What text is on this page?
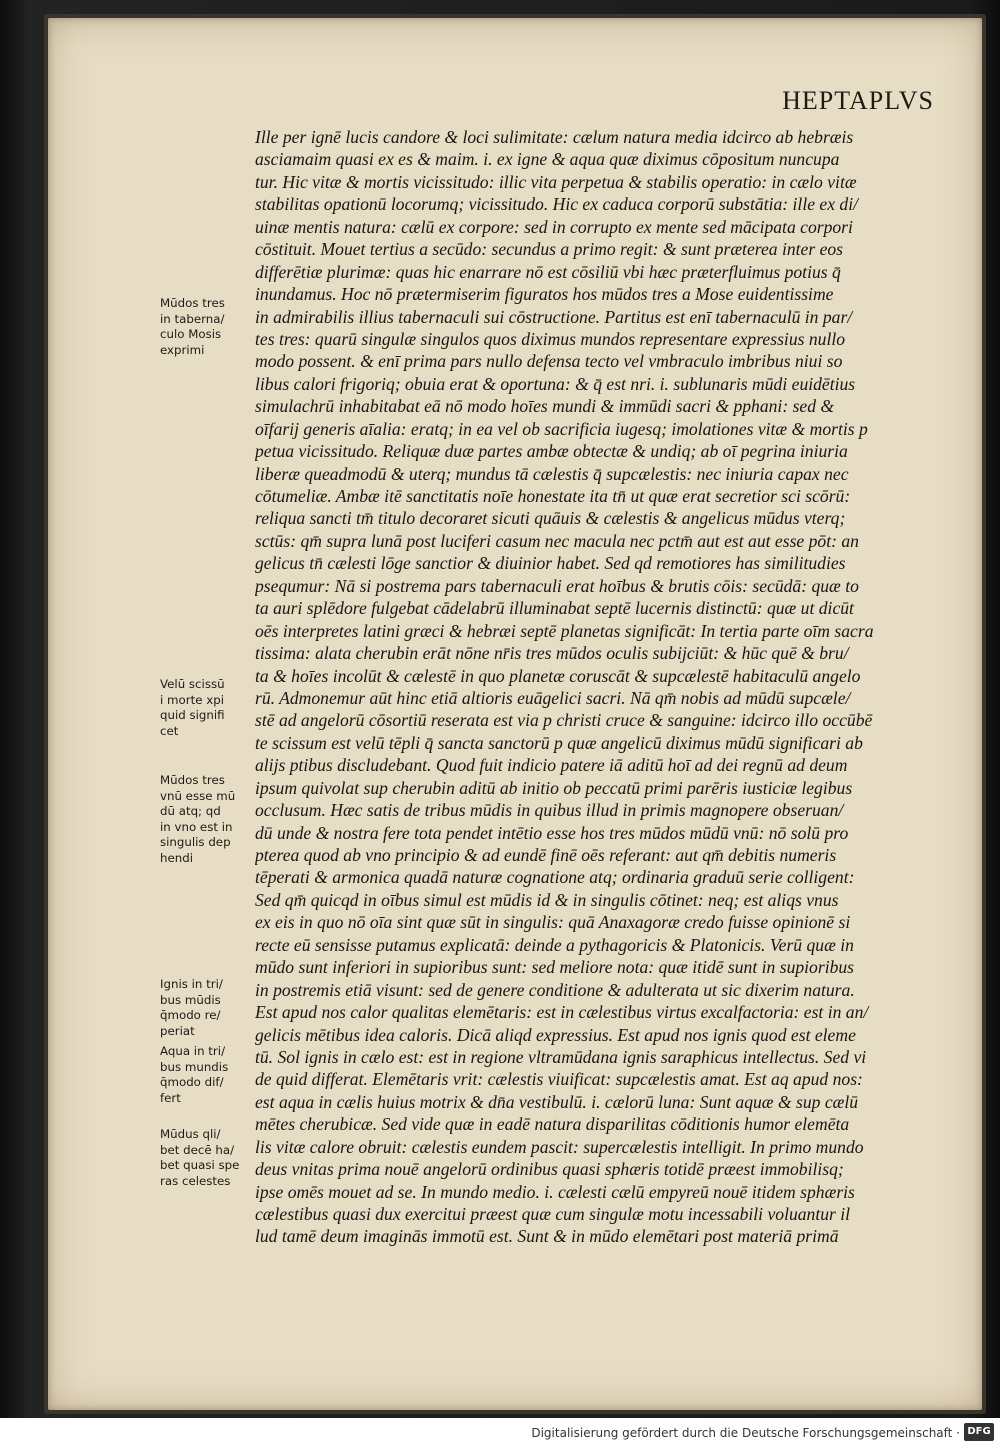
HEPTAPLVS
Ille per ignē lucis candore & loci sulimitate: cælum natura media idcirco ab hebræis
asciamaim quasi ex es & maim. i. ex igne & aqua quæ diximus cōpositum nuncupa
tur. Hic vitæ & mortis vicissitudo: illic vita perpetua & stabilis operatio: in cælo vitæ
stabilitas opationū locorumq; vicissitudo. Hic ex caduca corporū substātia: ille ex di/
uinæ mentis natura: cælū ex corpore: sed in corrupto ex mente sed mācipata corpori
cōstituit. Mouet tertius a secūdo: secundus a primo regit: & sunt præterea inter eos
differētiæ plurimæ: quas hic enarrare nō est cōsiliū vbi hæc præterfluimus potius q̄
inundamus. Hoc nō prætermiserim figuratos hos mūdos tres a Mose euidentissime
in admirabilis illius tabernaculi sui cōstructione. Partitus est enī tabernaculū in par/
tes tres: quarū singulæ singulos quos diximus mundos representare expressius nullo
modo possent. & enī prima pars nullo defensa tecto vel vmbraculo imbribus niui so
libus calori frigoriq; obuia erat & oportuna: & q̄ est nri. i. sublunaris mūdi euidētius
simulachrū inhabitabat eā nō modo hoīes mundi & immūdi sacri & pphani: sed &
oīfarij generis aīalia: eratq; in ea vel ob sacrificia iugesq; imolationes vitæ & mortis p
petua vicissitudo. Reliquæ duæ partes ambæ obtectæ & undiq; ab oī pegrina iniuria
liberæ queadmodū & uterq; mundus tā cælestis q̄ supcælestis: nec iniuria capax nec
cōtumeliæ. Ambæ itē sanctitatis noīe honestate ita tn̄ ut quæ erat secretior sci scōrū:
reliqua sancti tm̄ titulo decoraret sicuti quāuis & cælestis & angelicus mūdus vterq;
sctūs: qm̄ supra lunā post luciferi casum nec macula nec pctm̄ aut est aut esse pōt: an
gelicus tn̄ cælesti lōge sanctior & diuinior habet. Sed qd remotiores has similitudies
psequmur: Nā si postrema pars tabernaculi erat hoībus & brutis cōis: secūdā: quæ to
ta auri splēdore fulgebat cādelabrū illuminabat septē lucernis distinctū: quæ ut dicūt
oēs interpretes latini græci & hebræi septē planetas significāt: In tertia parte oīm sacra
tissima: alata cherubin erāt nōne nr̄is tres mūdos oculis subijciūt: & hūc quē & bru/
ta & hoīes incolūt & cælestē in quo planetæ coruscāt & supcælestē habitaculū angelo
rū. Admonemur aūt hinc etiā altioris euāgelici sacri. Nā qm̄ nobis ad mūdū supcæle/
stē ad angelorū cōsortiū reserata est via p christi cruce & sanguine: idcirco illo occūbē
te scissum est velū tēpli q̄ sancta sanctorū p quæ angelicū diximus mūdū significari ab
alijs ptibus discludebant. Quod fuit indicio patere iā aditū hoī ad dei regnū ad deum
ipsum quivolat sup cherubin aditū ab initio ob peccatū primi parēris iusticiæ legibus
occlusum. Hæc satis de tribus mūdis in quibus illud in primis magnopere obseruan/
dū unde & nostra fere tota pendet intētio esse hos tres mūdos mūdū vnū: nō solū pro
pterea quod ab vno principio & ad eundē finē oēs referant: aut qm̄ debitis numeris
tēperati & armonica quadā naturæ cognatione atq; ordinaria graduū serie colligent:
Sed qm̄ quicqd in oībus simul est mūdis id & in singulis cōtinet: neq; est aliqs vnus
ex eis in quo nō oīa sint quæ sūt in singulis: quā Anaxagoræ credo fuisse opinionē si
recte eū sensisse putamus explicatā: deinde a pythagoricis & Platonicis. Verū quæ in
mūdo sunt inferiori in supioribus sunt: sed meliore nota: quæ itidē sunt in supioribus
in postremis etiā visunt: sed de genere conditione & adulterata ut sic dixerim natura.
Est apud nos calor qualitas elemētaris: est in cælestibus virtus excalfactoria: est in an/
gelicis mētibus idea caloris. Dicā aliqd expressius. Est apud nos ignis quod est eleme
tū. Sol ignis in cælo est: est in regione vltramūdana ignis saraphicus intellectus. Sed vi
de quid differat. Elemētaris vrit: cælestis viuificat: supcælestis amat. Est aq apud nos:
est aqua in cælis huius motrix & dn̄a vestibulū. i. cælorū luna: Sunt aquæ & sup cælū
mētes cherubicæ. Sed vide quæ in eadē natura disparilitas cōditionis humor elemēta
lis vitæ calore obruit: cælestis eundem pascit: supercælestis intelligit. In primo mundo
deus vnitas prima nouē angelorū ordinibus quasi sphæris totidē præest immobilisq;
ipse omēs mouet ad se. In mundo medio. i. cælesti cælū empyreū nouē itidem sphæris
cælestibus quasi dux exercitui præest quæ cum singulæ motu incessabili voluantur il
lud tamē deum imaginās immotū est. Sunt & in mūdo elemētari post materiā primā
Mūdos tres
in taberna/
culo Mosis
exprimi
Velū scissū
i morte xpi
quid signifi
cet
Mūdos tres
vnū esse mū
dū atq; qd
in vno est in
singulis dep
hendi
Ignis in tri/
bus mūdis
q̄modo re/
periat
Aqua in tri/
bus mundis
q̄modo dif/
fert
Mūdus qli/
bet decē ha/
bet quasi spe
ras celestes
Digitalisierung gefördert durch die Deutsche Forschungsgemeinschaft · DFG
